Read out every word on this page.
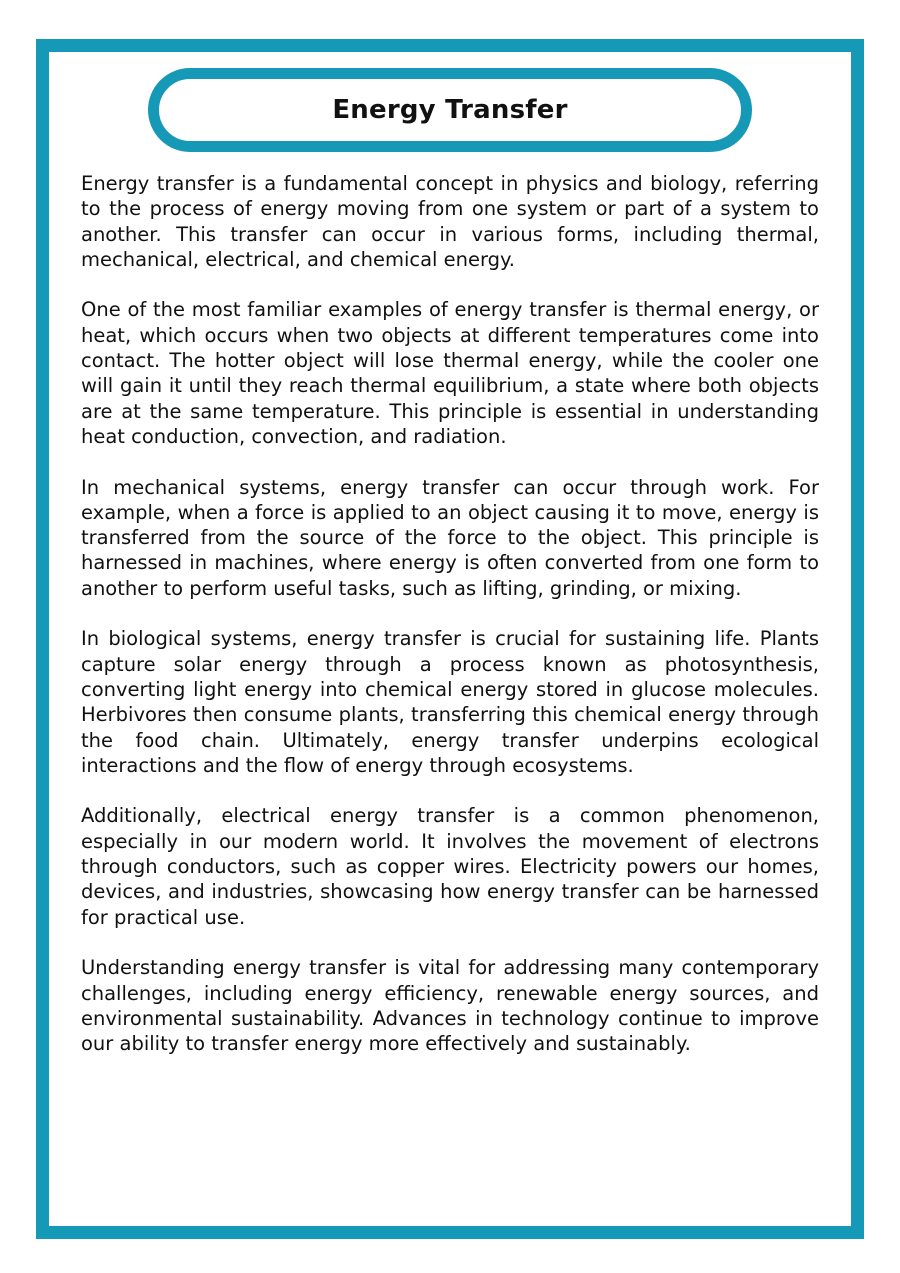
Energy Transfer

Energy transfer is a fundamental concept in physics and biology, referring to the process of energy moving from one system or part of a system to another. This transfer can occur in various forms, including thermal, mechanical, electrical, and chemical energy.

One of the most familiar examples of energy transfer is thermal energy, or heat, which occurs when two objects at different temperatures come into contact. The hotter object will lose thermal energy, while the cooler one will gain it until they reach thermal equilibrium, a state where both objects are at the same temperature. This principle is essential in understanding heat conduction, convection, and radiation.

In mechanical systems, energy transfer can occur through work. For example, when a force is applied to an object causing it to move, energy is transferred from the source of the force to the object. This principle is harnessed in machines, where energy is often converted from one form to another to perform useful tasks, such as lifting, grinding, or mixing.

In biological systems, energy transfer is crucial for sustaining life. Plants capture solar energy through a process known as photosynthesis, converting light energy into chemical energy stored in glucose molecules. Herbivores then consume plants, transferring this chemical energy through the food chain. Ultimately, energy transfer underpins ecological interactions and the flow of energy through ecosystems.

Additionally, electrical energy transfer is a common phenomenon, especially in our modern world. It involves the movement of electrons through conductors, such as copper wires. Electricity powers our homes, devices, and industries, showcasing how energy transfer can be harnessed for practical use.

Understanding energy transfer is vital for addressing many contemporary challenges, including energy efficiency, renewable energy sources, and environmental sustainability. Advances in technology continue to improve our ability to transfer energy more effectively and sustainably.
